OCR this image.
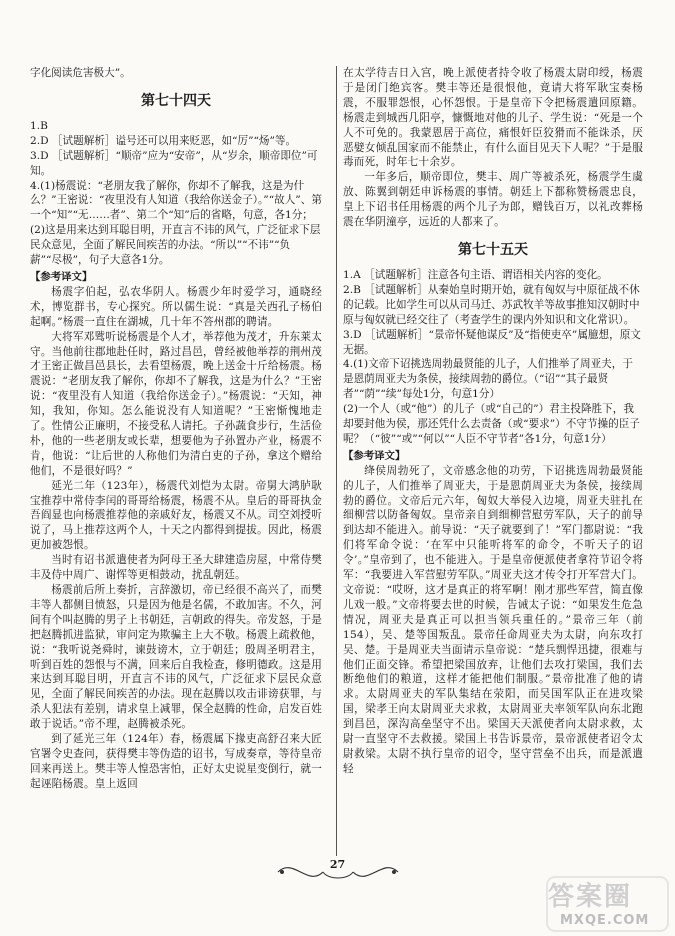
字化阅读危害极大”。

第七十四天

1.B

2.D ［试题解析］谥号还可以用来贬恶，如“厉”“炀”等。

3.D ［试题解析］“顺帝”应为“安帝”，从“岁余，顺帝即位”可知。

4.(1)杨震说：“老朋友我了解你，你却不了解我，这是为什么？”王密说：“夜里没有人知道（我给你送金子）。”“故人”、第一个“知”“无……者”、第二个“知”后的省略，句意，各1分；

(2)这是用来达到耳聪目明，开直言不讳的风气，广泛征求下层民众意见，全面了解民间疾苦的办法。“所以”“不讳”“负薪”“尽极”，句子大意各1分。

【参考译文】

杨震字伯起，弘农华阴人。杨震少年时爱学习，通晓经术，博览群书，专心探究。所以儒生说：“真是关西孔子杨伯起啊。”杨震一直住在湖城，几十年不答州郡的聘请。

大将军邓骘听说杨震是个人才，举荐他为茂才，升东莱太守。当他前往郡地赴任时，路过昌邑，曾经被他举荐的荆州茂才王密正做昌邑县长，去看望杨震，晚上送金十斤给杨震。杨震说：“老朋友我了解你，你却不了解我，这是为什么？”王密说：“夜里没有人知道（我给你送金子）。”杨震说：“天知，神知，我知，你知。怎么能说没有人知道呢？”王密惭愧地走了。性情公正廉明，不接受私人请托。子孙蔬食步行，生活俭朴，他的一些老朋友或长辈，想要他为子孙置办产业，杨震不肯，他说：“让后世的人称他们为清白吏的子孙，拿这个赠给他们，不是很好吗？”

延光二年（123年），杨震代刘恺为太尉。帝舅大鸿胪耿宝推荐中常侍李闰的哥哥给杨震，杨震不从。皇后的哥哥执金吾阎显也向杨震推荐他的亲戚好友，杨震又不从。司空刘授听说了，马上推荐这两个人，十天之内都得到提拔。因此，杨震更加被怨恨。

当时有诏书派遣使者为阿母王圣大肆建造房屋，中常侍樊丰及侍中周广、谢恽等更相鼓动，扰乱朝廷。

杨震前后所上奏折，言辞激切，帝已经很不高兴了，而樊丰等人都侧目愤怒，只是因为他是名儒，不敢加害。不久，河间有个叫赵腾的男子上书朝廷，言朝政的得失。帝发怒，于是把赵腾抓进监狱，审问定为欺骗主上大不敬。杨震上疏救他，说：“我听说尧舜时，谏鼓谤木，立于朝廷；殷周圣明君主，听到百姓的怨恨与不满，回来后自我检查，修明德政。这是用来达到耳聪目明，开直言不讳的风气，广泛征求下层民众意见，全面了解民间疾苦的办法。现在赵腾以攻击诽谤获罪，与杀人犯法有差别，请求皇上减罪，保全赵腾的性命，启发百姓敢于说话。”帝不理，赵腾被杀死。

到了延光三年（124年）春，杨震属下掾吏高舒召来大匠官署令史查问，获得樊丰等伪造的诏书，写成奏章，等待皇帝回来再送上。樊丰等人惶恐害怕，正好太史说星变倒行，就一起诬陷杨震。皇上返回

在太学待吉日入宫，晚上派使者持令收了杨震太尉印绶，杨震于是闭门绝宾客。樊丰等还是很恨他，竟请大将军耿宝奏杨震，不服罪怨恨，心怀怨恨。于是皇帝下令把杨震遣回原籍。杨震走到城西几阳亭，慷慨地对他的儿子、学生说：“死是一个人不可免的。我蒙恩居于高位，痛恨奸臣狡猾而不能诛杀，厌恶嬖女倾乱国家而不能禁止，有什么面目见天下人呢？”于是服毒而死，时年七十余岁。

一年多后，顺帝即位，樊丰、周广等被杀死，杨震学生虞放、陈翼到朝廷申诉杨震的事情。朝廷上下都称赞杨震忠良，皇上下诏书任用杨震的两个儿子为郎，赠钱百万，以礼改葬杨震在华阴潼亭，远近的人都来了。

第七十五天

1.A ［试题解析］注意各句主语、谓语相关内容的变化。

2.B ［试题解析］从秦始皇时期开始，就有匈奴与中原征战不休的记载。比如学生可以从司马迁、苏武牧羊等故事推知汉朝时中原与匈奴就已经交往了（考查学生的课内外知识和文化常识）。

3.D ［试题解析］“景帝怀疑他谋反”及“指使吏卒”属臆想，原文无据。

4.(1)文帝下诏挑选周勃最贤能的儿子，人们推举了周亚夫，于是恩荫周亚夫为条侯，接续周勃的爵位。（“诏”“其子最贤者”“荫”“续”每处1分，句意1分）

(2)一个人（或“他”）的儿子（或“自己的”）君主投降胜下，我却要封他为侯，那还凭什么去责备（或“要求”）不守节操的臣子呢？（“彼”“或”“何以”“人臣不守节者”各1分，句意1分）

【参考译文】

绛侯周勃死了，文帝感念他的功劳，下诏挑选周勃最贤能的儿子，人们推举了周亚夫，于是恩荫周亚夫为条侯，接续周勃的爵位。文帝后元六年，匈奴大举侵入边境，周亚夫驻扎在细柳营以防备匈奴。皇帝亲自到细柳营慰劳军队，天子的前导到达却不能进入。前导说：“天子就要到了！”军门都尉说：“我们将军命令说：‘在军中只能听将军的命令，不听天子的诏令’。”皇帝到了，也不能进入。于是皇帝便派使者拿符节诏令将军：“我要进入军营慰劳军队。”周亚夫这才传令打开军营大门。文帝说：“哎呀，这才是真正的将军啊！刚才那些军营，简直像儿戏一般。”文帝将要去世的时候，告诫太子说：“如果发生危急情况，周亚夫是真正可以担当领兵重任的。”景帝三年（前154），吴、楚等国叛乱。景帝任命周亚夫为太尉，向东攻打吴、楚。于是周亚夫当面请示皇帝说：“楚兵剽悍迅捷，很难与他们正面交锋。希望把梁国放弃，让他们去攻打梁国，我们去断绝他们的粮道，这样才能把他们制服。”景帝批准了他的请求。太尉周亚夫的军队集结在荥阳，而吴国军队正在进攻梁国，梁孝王向太尉周亚夫求救，太尉周亚夫率领军队向东北跑到昌邑，深沟高垒坚守不出。梁国天天派使者向太尉求救，太尉一直坚守不去救援。梁国上书告诉景帝，景帝派使者诏令太尉救梁。太尉不执行皇帝的诏令，坚守营垒不出兵，而是派遣轻

27
答案圈
MXQE.COM
